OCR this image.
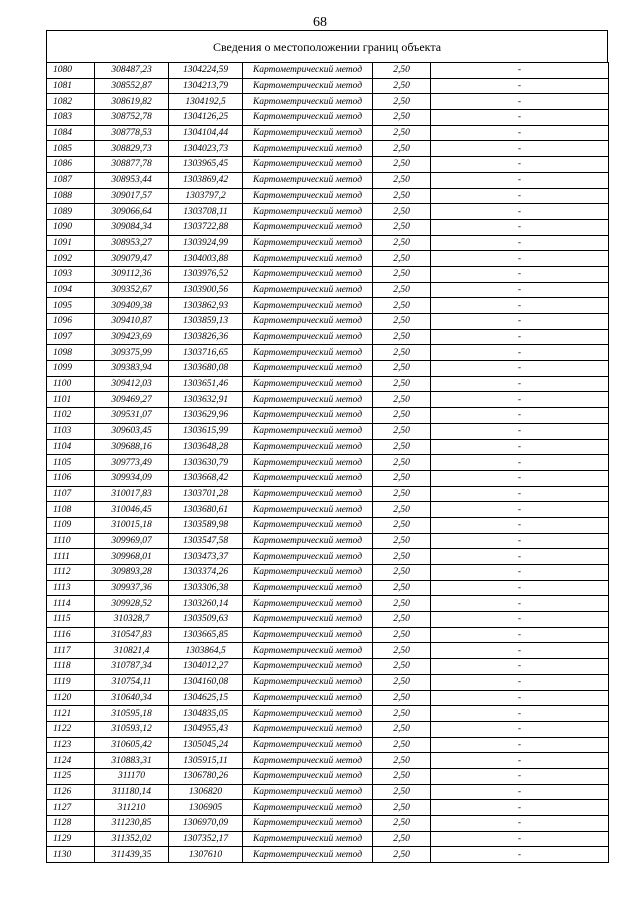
68
Сведения о местоположении границ объекта
1080	308487,23	1304224,59	Картометрический метод	2,50	-
1081	308552,87	1304213,79	Картометрический метод	2,50	-
1082	308619,82	1304192,5	Картометрический метод	2,50	-
1083	308752,78	1304126,25	Картометрический метод	2,50	-
1084	308778,53	1304104,44	Картометрический метод	2,50	-
1085	308829,73	1304023,73	Картометрический метод	2,50	-
1086	308877,78	1303965,45	Картометрический метод	2,50	-
1087	308953,44	1303869,42	Картометрический метод	2,50	-
1088	309017,57	1303797,2	Картометрический метод	2,50	-
1089	309066,64	1303708,11	Картометрический метод	2,50	-
1090	309084,34	1303722,88	Картометрический метод	2,50	-
1091	308953,27	1303924,99	Картометрический метод	2,50	-
1092	309079,47	1304003,88	Картометрический метод	2,50	-
1093	309112,36	1303976,52	Картометрический метод	2,50	-
1094	309352,67	1303900,56	Картометрический метод	2,50	-
1095	309409,38	1303862,93	Картометрический метод	2,50	-
1096	309410,87	1303859,13	Картометрический метод	2,50	-
1097	309423,69	1303826,36	Картометрический метод	2,50	-
1098	309375,99	1303716,65	Картометрический метод	2,50	-
1099	309383,94	1303680,08	Картометрический метод	2,50	-
1100	309412,03	1303651,46	Картометрический метод	2,50	-
1101	309469,27	1303632,91	Картометрический метод	2,50	-
1102	309531,07	1303629,96	Картометрический метод	2,50	-
1103	309603,45	1303615,99	Картометрический метод	2,50	-
1104	309688,16	1303648,28	Картометрический метод	2,50	-
1105	309773,49	1303630,79	Картометрический метод	2,50	-
1106	309934,09	1303668,42	Картометрический метод	2,50	-
1107	310017,83	1303701,28	Картометрический метод	2,50	-
1108	310046,45	1303680,61	Картометрический метод	2,50	-
1109	310015,18	1303589,98	Картометрический метод	2,50	-
1110	309969,07	1303547,58	Картометрический метод	2,50	-
1111	309968,01	1303473,37	Картометрический метод	2,50	-
1112	309893,28	1303374,26	Картометрический метод	2,50	-
1113	309937,36	1303306,38	Картометрический метод	2,50	-
1114	309928,52	1303260,14	Картометрический метод	2,50	-
1115	310328,7	1303509,63	Картометрический метод	2,50	-
1116	310547,83	1303665,85	Картометрический метод	2,50	-
1117	310821,4	1303864,5	Картометрический метод	2,50	-
1118	310787,34	1304012,27	Картометрический метод	2,50	-
1119	310754,11	1304160,08	Картометрический метод	2,50	-
1120	310640,34	1304625,15	Картометрический метод	2,50	-
1121	310595,18	1304835,05	Картометрический метод	2,50	-
1122	310593,12	1304955,43	Картометрический метод	2,50	-
1123	310605,42	1305045,24	Картометрический метод	2,50	-
1124	310883,31	1305915,11	Картометрический метод	2,50	-
1125	311170	1306780,26	Картометрический метод	2,50	-
1126	311180,14	1306820	Картометрический метод	2,50	-
1127	311210	1306905	Картометрический метод	2,50	-
1128	311230,85	1306970,09	Картометрический метод	2,50	-
1129	311352,02	1307352,17	Картометрический метод	2,50	-
1130	311439,35	1307610	Картометрический метод	2,50	-
